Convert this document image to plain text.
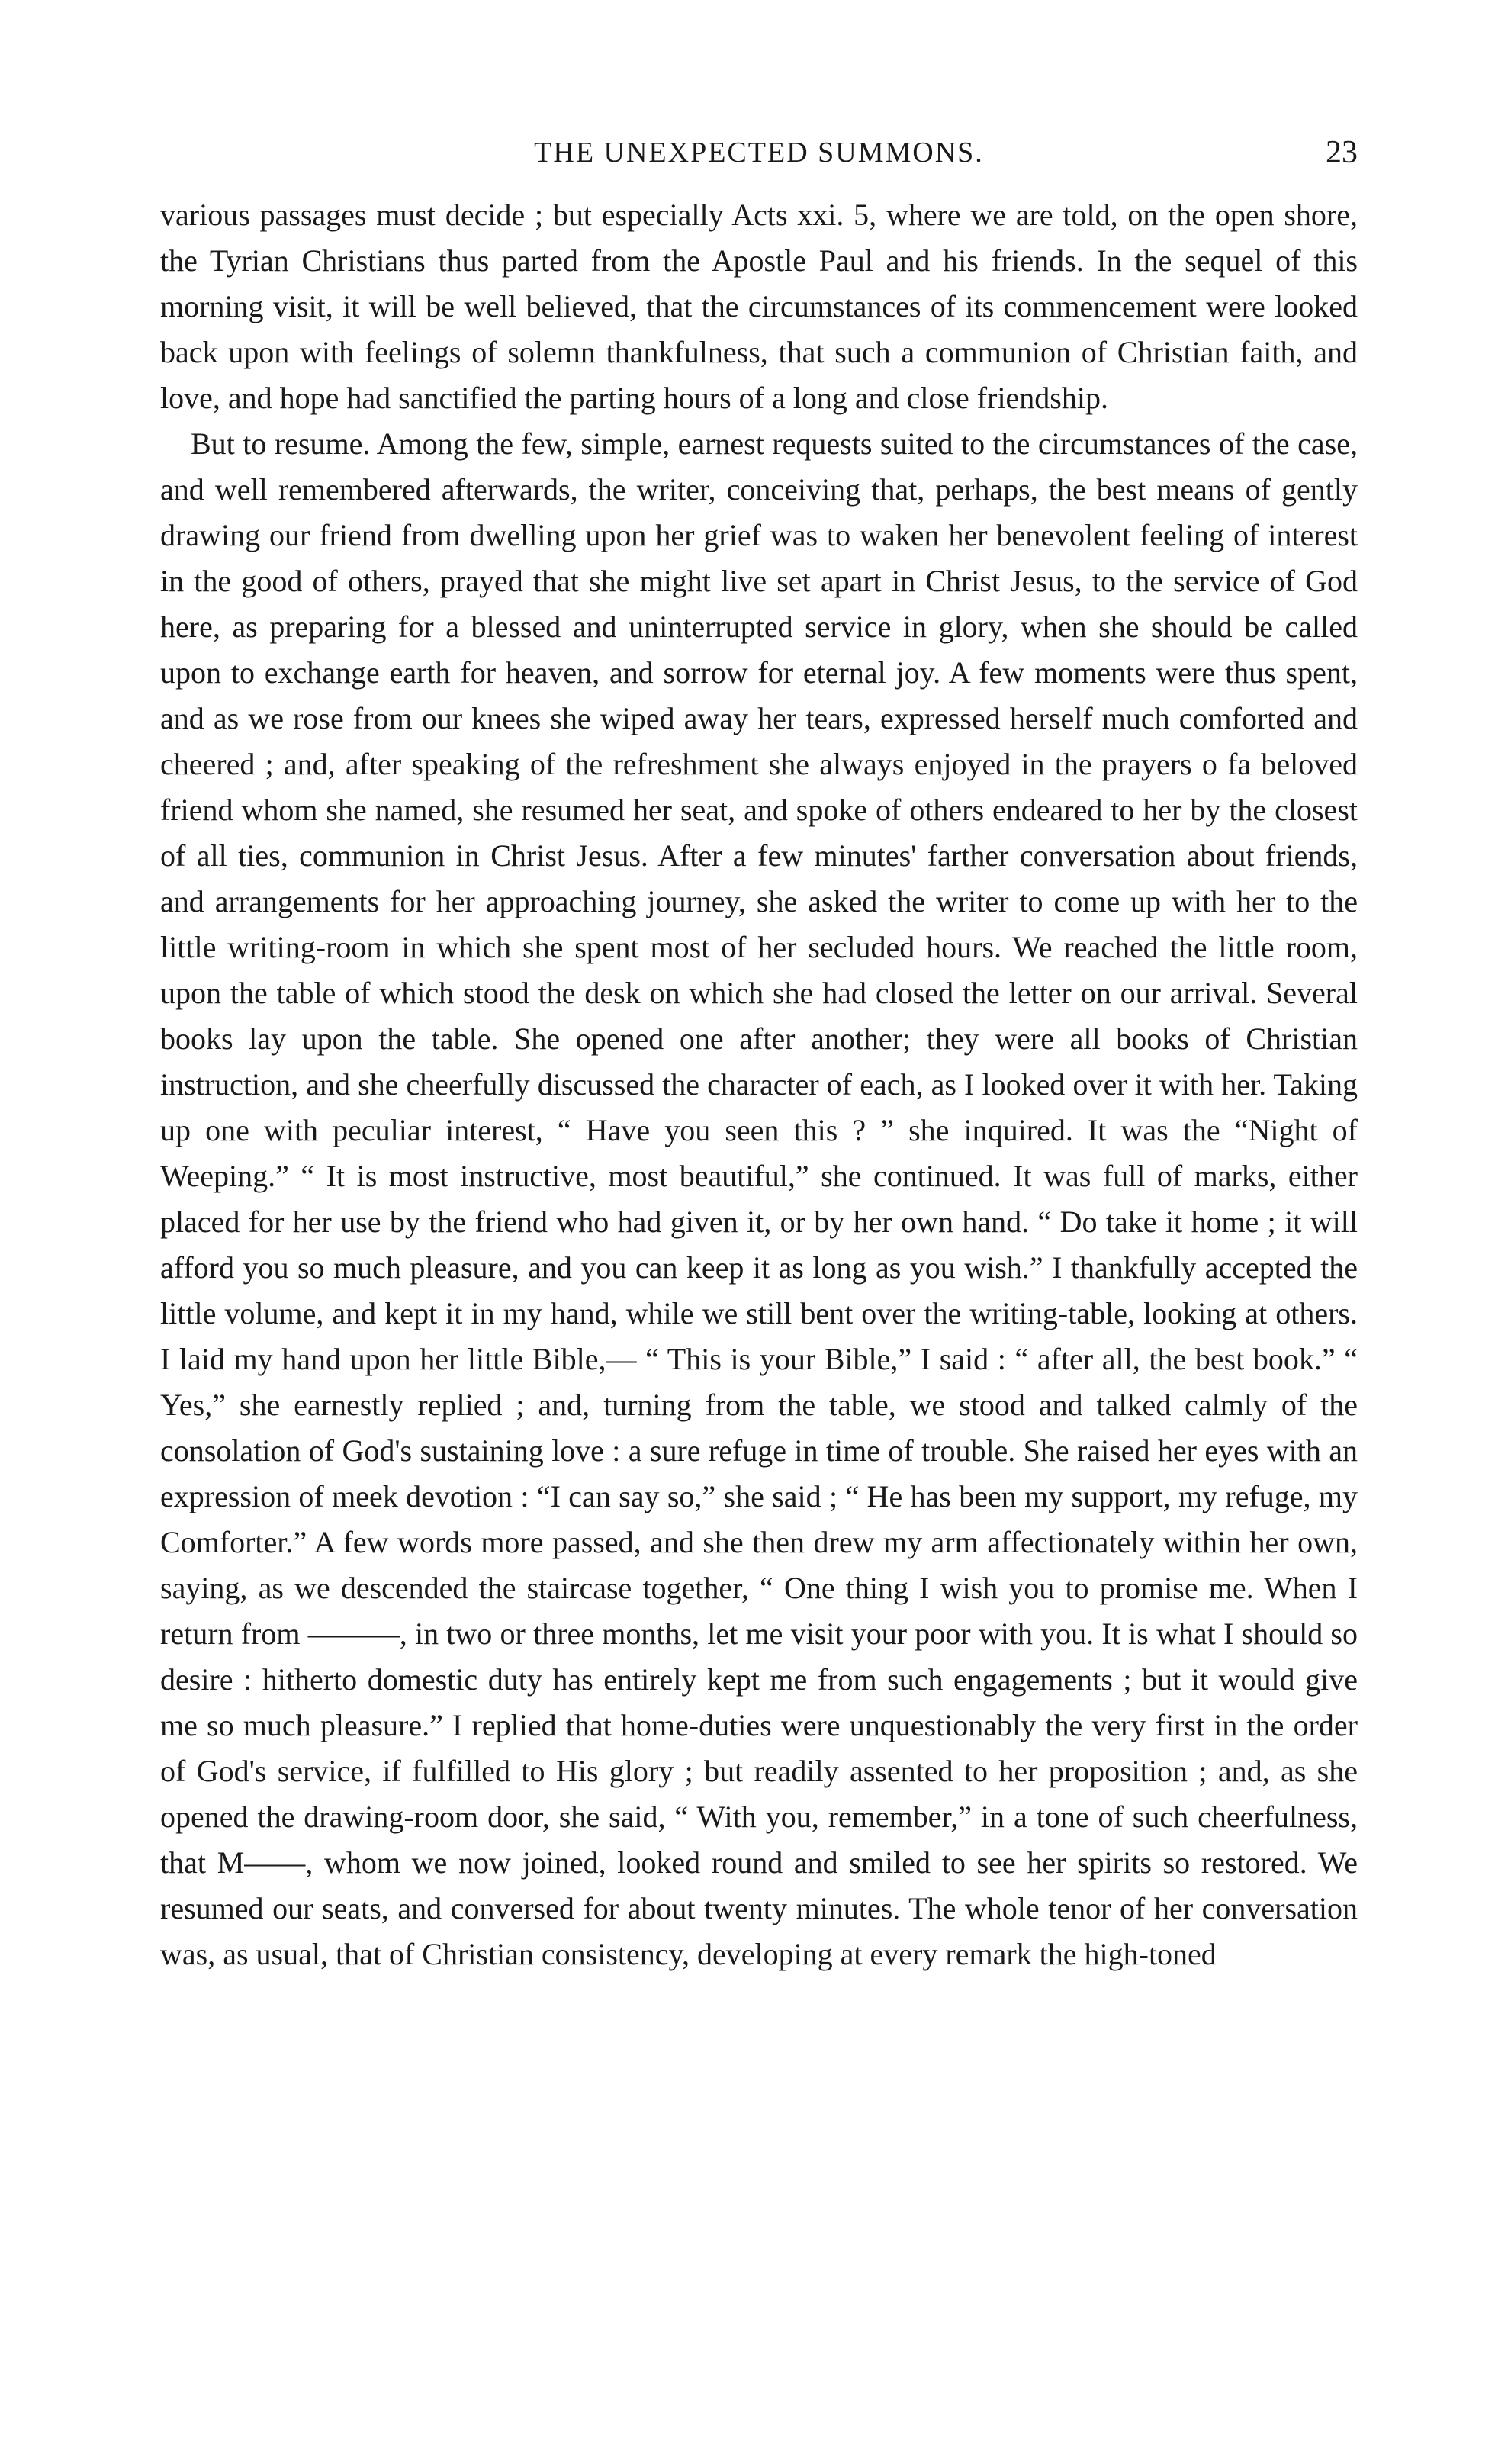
THE UNEXPECTED SUMMONS.	23

various passages must decide ; but especially Acts xxi. 5, where we are told, on the open shore, the Tyrian Christians thus parted from the Apostle Paul and his friends. In the sequel of this morning visit, it will be well believed, that the circumstances of its commencement were looked back upon with feelings of solemn thankfulness, that such a communion of Christian faith, and love, and hope had sanctified the parting hours of a long and close friendship.

But to resume. Among the few, simple, earnest requests suited to the circumstances of the case, and well remembered afterwards, the writer, conceiving that, perhaps, the best means of gently drawing our friend from dwelling upon her grief was to waken her benevolent feeling of interest in the good of others, prayed that she might live set apart in Christ Jesus, to the service of God here, as preparing for a blessed and uninterrupted service in glory, when she should be called upon to exchange earth for heaven, and sorrow for eternal joy. A few moments were thus spent, and as we rose from our knees she wiped away her tears, expressed herself much comforted and cheered ; and, after speaking of the refreshment she always enjoyed in the prayers o fa beloved friend whom she named, she resumed her seat, and spoke of others endeared to her by the closest of all ties, communion in Christ Jesus. After a few minutes' farther conversation about friends, and arrangements for her approaching journey, she asked the writer to come up with her to the little writing-room in which she spent most of her secluded hours. We reached the little room, upon the table of which stood the desk on which she had closed the letter on our arrival. Several books lay upon the table. She opened one after another; they were all books of Christian instruction, and she cheerfully discussed the character of each, as I looked over it with her. Taking up one with peculiar interest, “ Have you seen this ? ” she inquired. It was the “Night of Weeping.” “ It is most instructive, most beautiful,” she continued. It was full of marks, either placed for her use by the friend who had given it, or by her own hand. “ Do take it home ; it will afford you so much pleasure, and you can keep it as long as you wish.” I thankfully accepted the little volume, and kept it in my hand, while we still bent over the writing-table, looking at others. I laid my hand upon her little Bible,— “ This is your Bible,” I said : “ after all, the best book.” “ Yes,” she earnestly replied ; and, turning from the table, we stood and talked calmly of the consolation of God's sustaining love : a sure refuge in time of trouble. She raised her eyes with an expression of meek devotion : “I can say so,” she said ; “ He has been my support, my refuge, my Comforter.” A few words more passed, and she then drew my arm affectionately within her own, saying, as we descended the staircase together, “ One thing I wish you to promise me. When I return from ———, in two or three months, let me visit your poor with you. It is what I should so desire : hitherto domestic duty has entirely kept me from such engagements ; but it would give me so much pleasure.” I replied that home-duties were unquestionably the very first in the order of God's service, if fulfilled to His glory ; but readily assented to her proposition ; and, as she opened the drawing-room door, she said, “ With you, remember,” in a tone of such cheerfulness, that M——, whom we now joined, looked round and smiled to see her spirits so restored. We resumed our seats, and conversed for about twenty minutes. The whole tenor of her conversation was, as usual, that of Christian consistency, developing at every remark the high-toned
